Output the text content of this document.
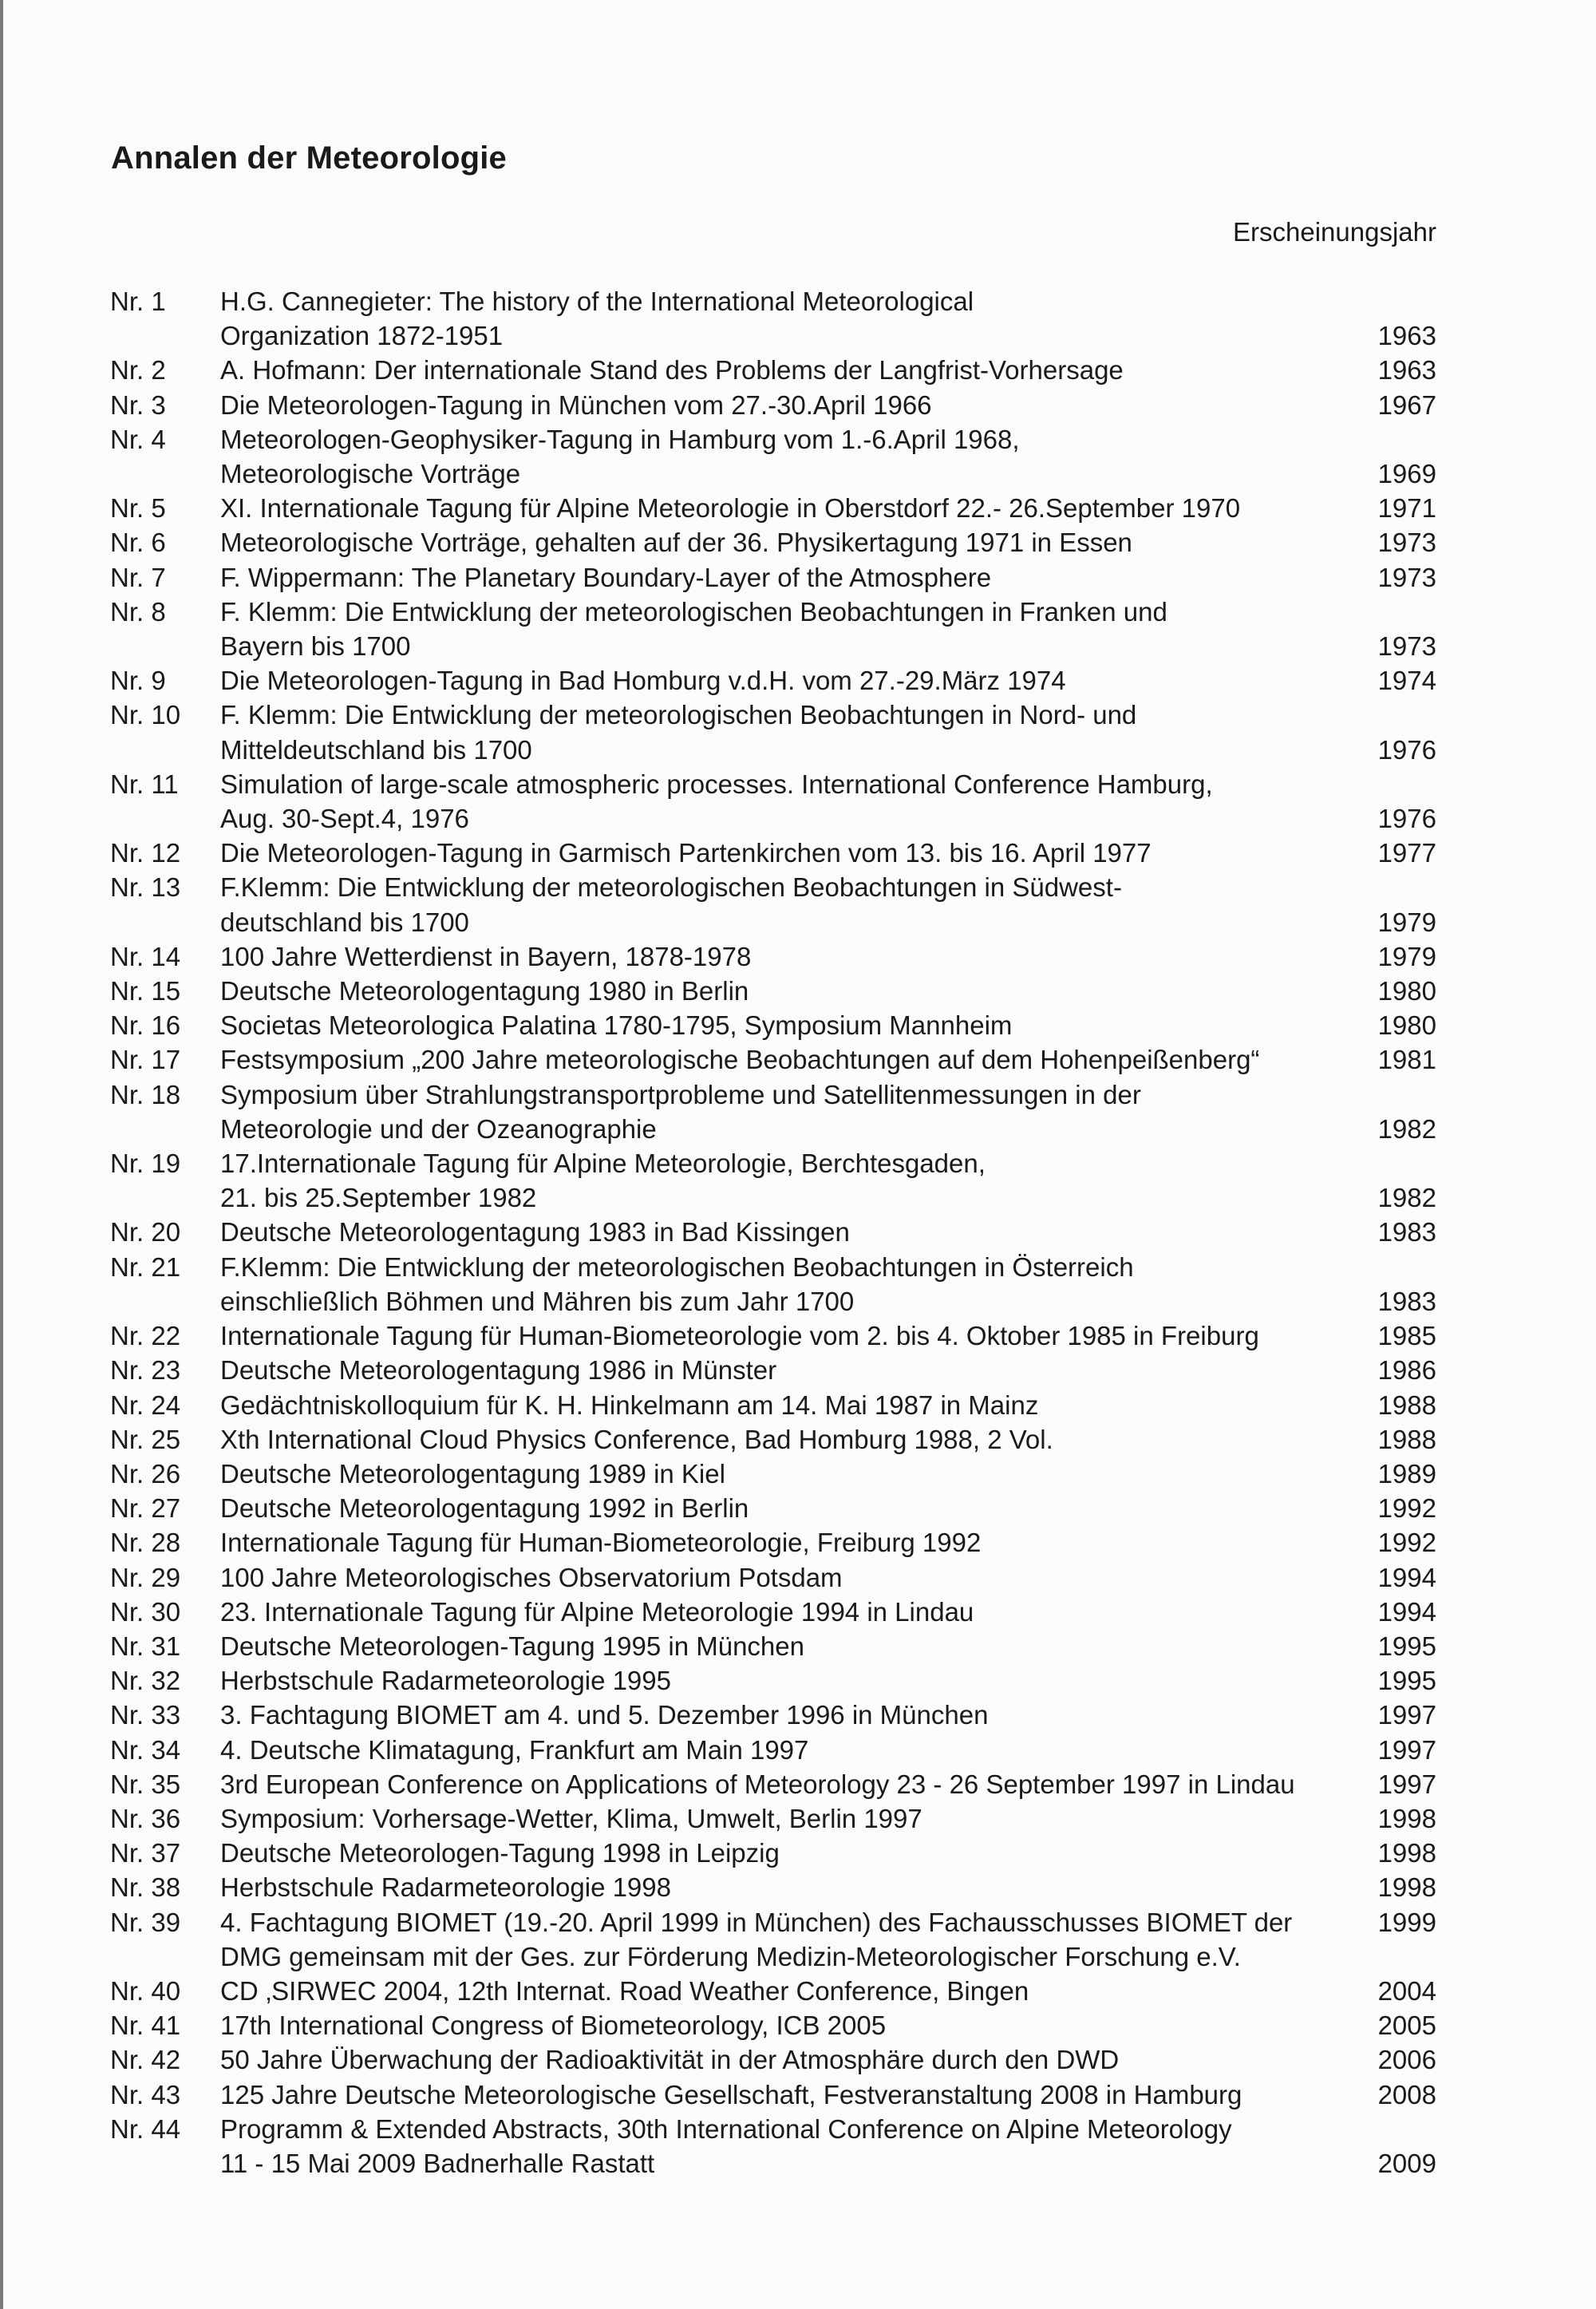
Annalen der Meteorologie
Erscheinungsjahr
Nr. 1 H.G. Cannegieter: The history of the International Meteorological
Organization 1872-1951	1963
Nr. 2 A. Hofmann: Der internationale Stand des Problems der Langfrist-Vorhersage	1963
Nr. 3 Die Meteorologen-Tagung in München vom 27.-30.April 1966	1967
Nr. 4 Meteorologen-Geophysiker-Tagung in Hamburg vom 1.-6.April 1968,
Meteorologische Vorträge	1969
Nr. 5 XI. Internationale Tagung für Alpine Meteorologie in Oberstdorf 22.- 26.September 1970	1971
Nr. 6 Meteorologische Vorträge, gehalten auf der 36. Physikertagung 1971 in Essen	1973
Nr. 7 F. Wippermann: The Planetary Boundary-Layer of the Atmosphere	1973
Nr. 8 F. Klemm: Die Entwicklung der meteorologischen Beobachtungen in Franken und
Bayern bis 1700	1973
Nr. 9 Die Meteorologen-Tagung in Bad Homburg v.d.H. vom 27.-29.März 1974	1974
Nr. 10 F. Klemm: Die Entwicklung der meteorologischen Beobachtungen in Nord- und
Mitteldeutschland bis 1700	1976
Nr. 11 Simulation of large-scale atmospheric processes. International Conference Hamburg,
Aug. 30-Sept.4, 1976	1976
Nr. 12 Die Meteorologen-Tagung in Garmisch Partenkirchen vom 13. bis 16. April 1977	1977
Nr. 13 F.Klemm: Die Entwicklung der meteorologischen Beobachtungen in Südwest-
deutschland bis 1700	1979
Nr. 14 100 Jahre Wetterdienst in Bayern, 1878-1978	1979
Nr. 15 Deutsche Meteorologentagung 1980 in Berlin	1980
Nr. 16 Societas Meteorologica Palatina 1780-1795, Symposium Mannheim	1980
Nr. 17 Festsymposium „200 Jahre meteorologische Beobachtungen auf dem Hohenpeißenberg“	1981
Nr. 18 Symposium über Strahlungstransportprobleme und Satellitenmessungen in der
Meteorologie und der Ozeanographie	1982
Nr. 19 17.Internationale Tagung für Alpine Meteorologie, Berchtesgaden,
21. bis 25.September 1982	1982
Nr. 20 Deutsche Meteorologentagung 1983 in Bad Kissingen	1983
Nr. 21 F.Klemm: Die Entwicklung der meteorologischen Beobachtungen in Österreich
einschließlich Böhmen und Mähren bis zum Jahr 1700	1983
Nr. 22 Internationale Tagung für Human-Biometeorologie vom 2. bis 4. Oktober 1985 in Freiburg	1985
Nr. 23 Deutsche Meteorologentagung 1986 in Münster	1986
Nr. 24 Gedächtniskolloquium für K. H. Hinkelmann am 14. Mai 1987 in Mainz	1988
Nr. 25 Xth International Cloud Physics Conference, Bad Homburg 1988, 2 Vol.	1988
Nr. 26 Deutsche Meteorologentagung 1989 in Kiel	1989
Nr. 27 Deutsche Meteorologentagung 1992 in Berlin	1992
Nr. 28 Internationale Tagung für Human-Biometeorologie, Freiburg 1992	1992
Nr. 29 100 Jahre Meteorologisches Observatorium Potsdam	1994
Nr. 30 23. Internationale Tagung für Alpine Meteorologie 1994 in Lindau	1994
Nr. 31 Deutsche Meteorologen-Tagung 1995 in München	1995
Nr. 32 Herbstschule Radarmeteorologie 1995	1995
Nr. 33 3. Fachtagung BIOMET am 4. und 5. Dezember 1996 in München	1997
Nr. 34 4. Deutsche Klimatagung, Frankfurt am Main 1997	1997
Nr. 35 3rd European Conference on Applications of Meteorology 23 - 26 September 1997 in Lindau	1997
Nr. 36 Symposium: Vorhersage-Wetter, Klima, Umwelt, Berlin 1997	1998
Nr. 37 Deutsche Meteorologen-Tagung 1998 in Leipzig	1998
Nr. 38 Herbstschule Radarmeteorologie 1998	1998
Nr. 39 4. Fachtagung BIOMET (19.-20. April 1999 in München) des Fachausschusses BIOMET der
DMG gemeinsam mit der Ges. zur Förderung Medizin-Meteorologischer Forschung e.V.
1999
Nr. 40 CD ‚SIRWEC 2004, 12th Internat. Road Weather Conference, Bingen	2004
Nr. 41 17th International Congress of Biometeorology, ICB 2005	2005
Nr. 42 50 Jahre Überwachung der Radioaktivität in der Atmosphäre durch den DWD	2006
Nr. 43 125 Jahre Deutsche Meteorologische Gesellschaft, Festveranstaltung 2008 in Hamburg	2008
Nr. 44 Programm & Extended Abstracts, 30th International Conference on Alpine Meteorology
11 - 15 Mai 2009 Badnerhalle Rastatt	2009
